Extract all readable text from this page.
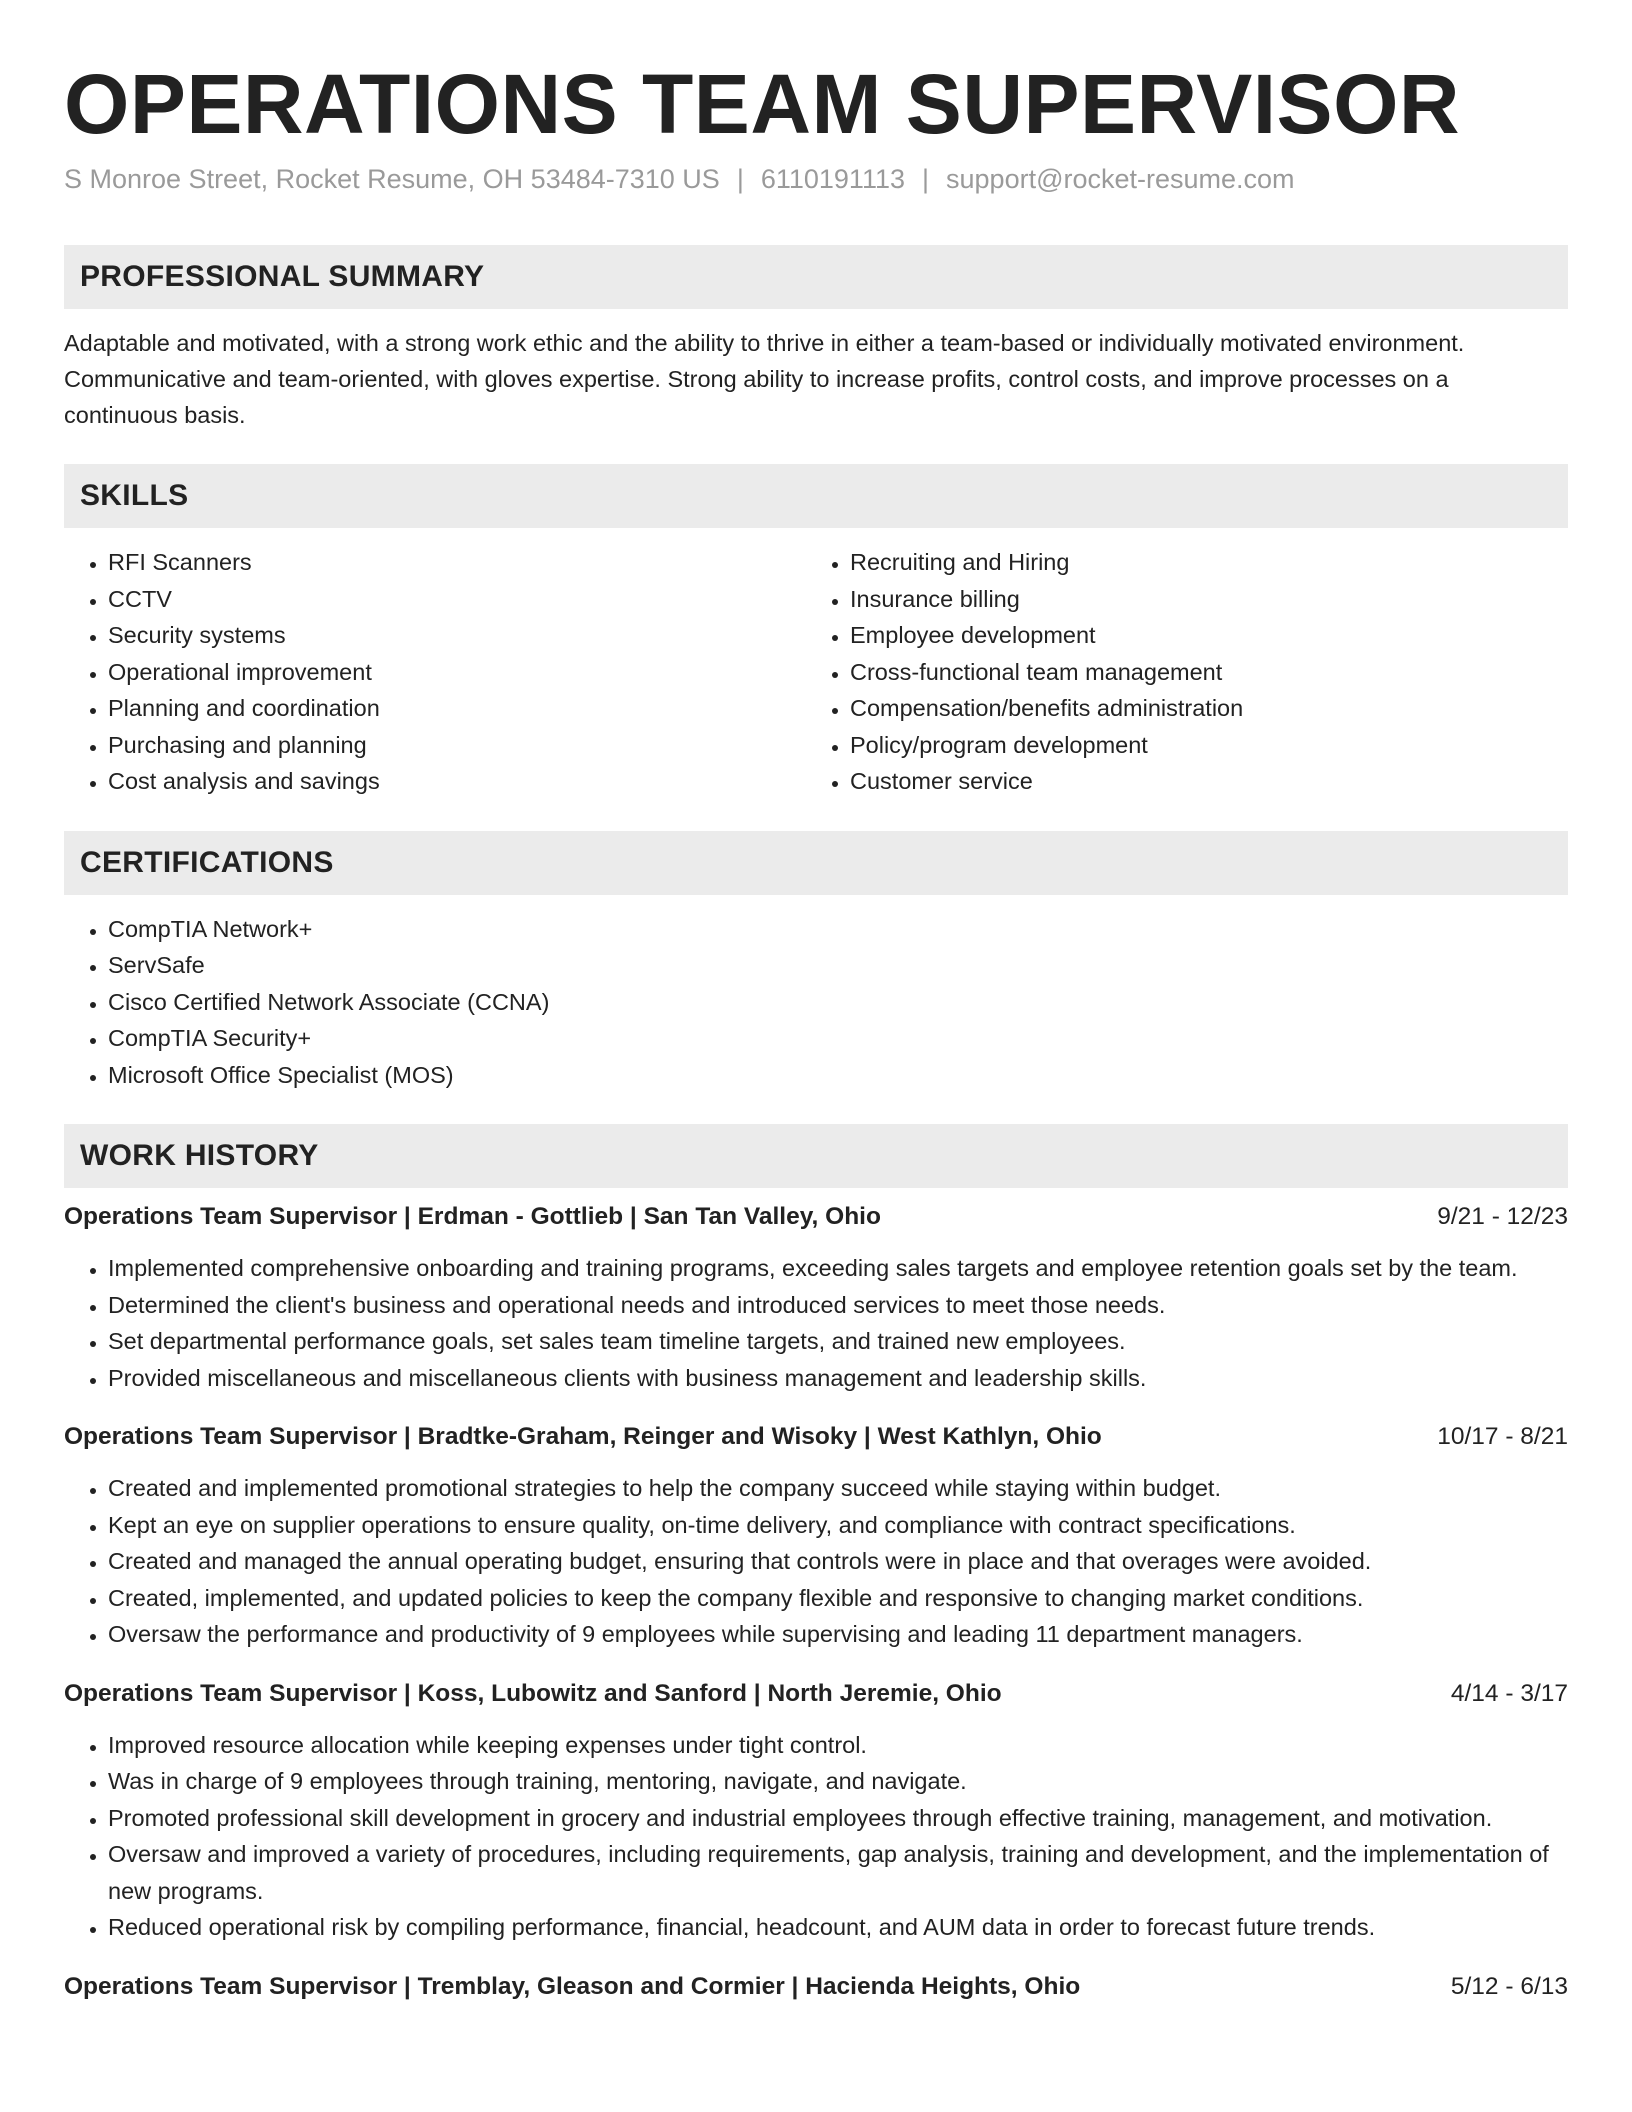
OPERATIONS TEAM SUPERVISOR
S Monroe Street, Rocket Resume, OH 53484-7310 US | 6110191113 | support@rocket-resume.com
PROFESSIONAL SUMMARY

Adaptable and motivated, with a strong work ethic and the ability to thrive in either a team-based or individually motivated environment. Communicative and team-oriented, with gloves expertise. Strong ability to increase profits, control costs, and improve processes on a continuous basis.

SKILLS
• RFI Scanners
• CCTV
• Security systems
• Operational improvement
• Planning and coordination
• Purchasing and planning
• Cost analysis and savings
• Recruiting and Hiring
• Insurance billing
• Employee development
• Cross-functional team management
• Compensation/benefits administration
• Policy/program development
• Customer service
CERTIFICATIONS
• CompTIA Network+
• ServSafe
• Cisco Certified Network Associate (CCNA)
• CompTIA Security+
• Microsoft Office Specialist (MOS)
WORK HISTORY
Operations Team Supervisor | Erdman - Gottlieb | San Tan Valley, Ohio	9/21 - 12/23
• Implemented comprehensive onboarding and training programs, exceeding sales targets and employee retention goals set by the team.
• Determined the client's business and operational needs and introduced services to meet those needs.
• Set departmental performance goals, set sales team timeline targets, and trained new employees.
• Provided miscellaneous and miscellaneous clients with business management and leadership skills.
Operations Team Supervisor | Bradtke-Graham, Reinger and Wisoky | West Kathlyn, Ohio	10/17 - 8/21
• Created and implemented promotional strategies to help the company succeed while staying within budget.
• Kept an eye on supplier operations to ensure quality, on-time delivery, and compliance with contract specifications.
• Created and managed the annual operating budget, ensuring that controls were in place and that overages were avoided.
• Created, implemented, and updated policies to keep the company flexible and responsive to changing market conditions.
• Oversaw the performance and productivity of 9 employees while supervising and leading 11 department managers.
Operations Team Supervisor | Koss, Lubowitz and Sanford | North Jeremie, Ohio	4/14 - 3/17
• Improved resource allocation while keeping expenses under tight control.
• Was in charge of 9 employees through training, mentoring, navigate, and navigate.
• Promoted professional skill development in grocery and industrial employees through effective training, management, and motivation.
• Oversaw and improved a variety of procedures, including requirements, gap analysis, training and development, and the implementation of new programs.
• Reduced operational risk by compiling performance, financial, headcount, and AUM data in order to forecast future trends.
Operations Team Supervisor | Tremblay, Gleason and Cormier | Hacienda Heights, Ohio	5/12 - 6/13
